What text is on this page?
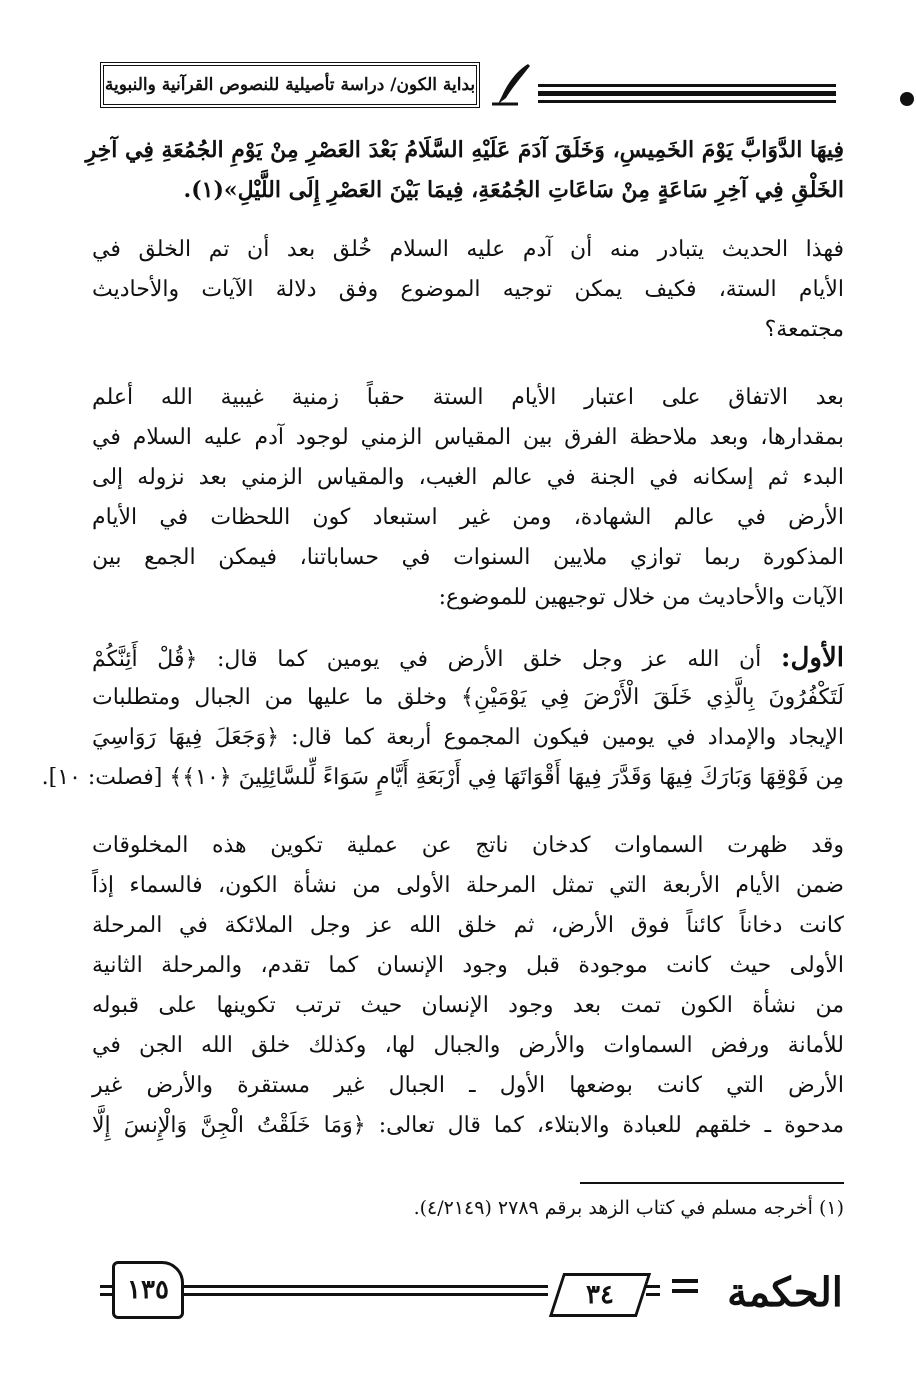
بداية الكون/ دراسة تأصيلية للنصوص القرآنية والنبوية
فِيهَا الدَّوَابَّ يَوْمَ الخَمِيسِ، وَخَلَقَ آدَمَ عَلَيْهِ السَّلَامُ بَعْدَ العَصْرِ مِنْ يَوْمِ الجُمُعَةِ فِي آخِرِ
الخَلْقِ فِي آخِرِ سَاعَةٍ مِنْ سَاعَاتِ الجُمُعَةِ، فِيمَا بَيْنَ العَصْرِ إِلَى اللَّيْلِ»(١).
فهذا الحديث يتبادر منه أن آدم عليه السلام خُلق بعد أن تم الخلق في
الأيام الستة، فكيف يمكن توجيه الموضوع وفق دلالة الآيات والأحاديث
مجتمعة؟
بعد الاتفاق على اعتبار الأيام الستة حقباً زمنية غيبية الله أعلم
بمقدارها، وبعد ملاحظة الفرق بين المقياس الزمني لوجود آدم عليه السلام في
البدء ثم إسكانه في الجنة في عالم الغيب، والمقياس الزمني بعد نزوله إلى
الأرض في عالم الشهادة، ومن غير استبعاد كون اللحظات في الأيام
المذكورة ربما توازي ملايين السنوات في حساباتنا، فيمكن الجمع بين
الآيات والأحاديث من خلال توجيهين للموضوع:
الأول: أن الله عز وجل خلق الأرض في يومين كما قال: ﴿قُلْ أَئِنَّكُمْ
لَتَكْفُرُونَ بِالَّذِي خَلَقَ الْأَرْضَ فِي يَوْمَيْنِ﴾ وخلق ما عليها من الجبال ومتطلبات
الإيجاد والإمداد في يومين فيكون المجموع أربعة كما قال: ﴿وَجَعَلَ فِيهَا رَوَاسِيَ
مِن فَوْقِهَا وَبَارَكَ فِيهَا وَقَدَّرَ فِيهَا أَقْوَاتَهَا فِي أَرْبَعَةِ أَيَّامٍ سَوَاءً لِّلسَّائِلِينَ ﴿١٠﴾﴾ [فصلت: ١٠].
وقد ظهرت السماوات كدخان ناتج عن عملية تكوين هذه المخلوقات
ضمن الأيام الأربعة التي تمثل المرحلة الأولى من نشأة الكون، فالسماء إذاً
كانت دخاناً كائناً فوق الأرض، ثم خلق الله عز وجل الملائكة في المرحلة
الأولى حيث كانت موجودة قبل وجود الإنسان كما تقدم، والمرحلة الثانية
من نشأة الكون تمت بعد وجود الإنسان حيث ترتب تكوينها على قبوله
للأمانة ورفض السماوات والأرض والجبال لها، وكذلك خلق الله الجن في
الأرض التي كانت بوضعها الأول ـ الجبال غير مستقرة والأرض غير
مدحوة ـ خلقهم للعبادة والابتلاء، كما قال تعالى: ﴿وَمَا خَلَقْتُ الْجِنَّ وَالْإِنسَ إِلَّا
(١) أخرجه مسلم في كتاب الزهد برقم ٢٧٨٩ (٤/٢١٤٩).
١٣٥	٣٤	الحكمة
